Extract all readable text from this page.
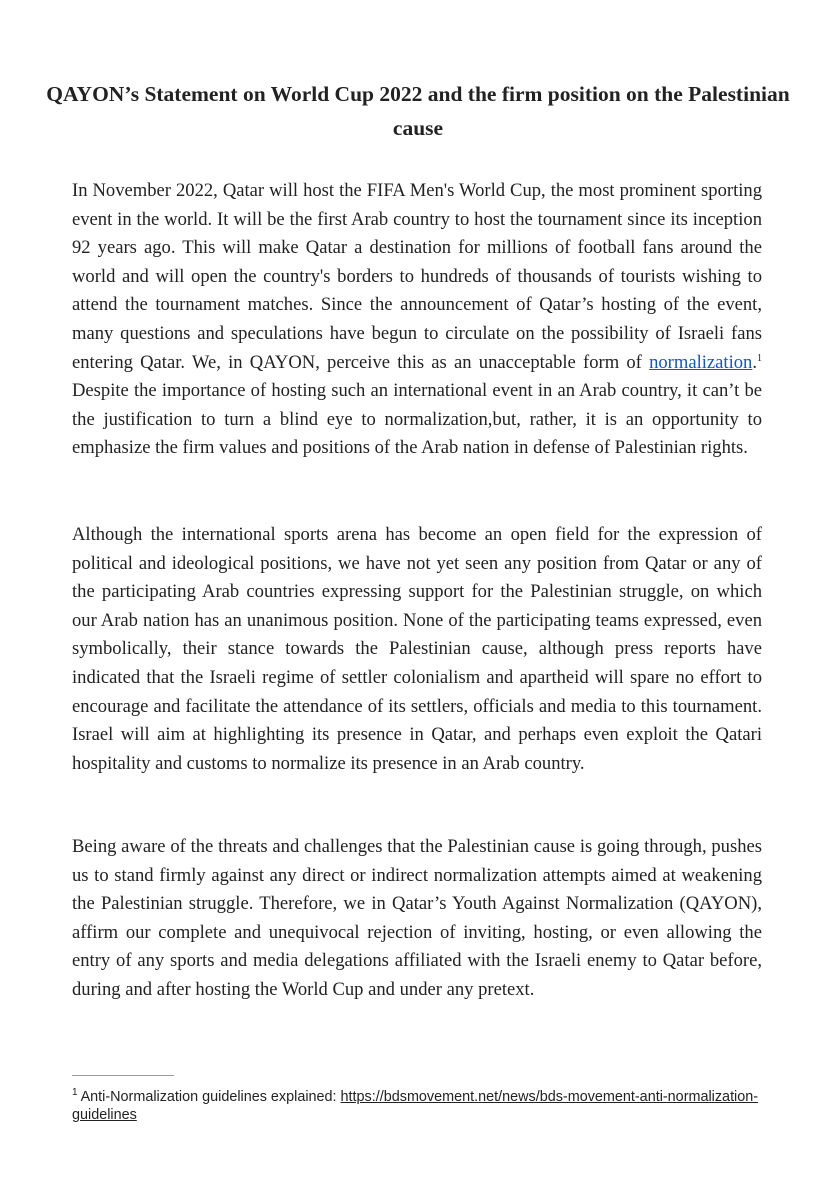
QAYON’s Statement on World Cup 2022 and the firm position on the Palestinian cause

In November 2022, Qatar will host the FIFA Men's World Cup, the most prominent sporting event in the world. It will be the first Arab country to host the tournament since its inception 92 years ago. This will make Qatar a destination for millions of football fans around the world and will open the country's borders to hundreds of thousands of tourists wishing to attend the tournament matches. Since the announcement of Qatar’s hosting of the event, many questions and speculations have begun to circulate on the possibility of Israeli fans entering Qatar. We, in QAYON, perceive this as an unacceptable form of normalization.$^1$ Despite the importance of hosting such an international event in an Arab country, it can’t be the justification to turn a blind eye to normalization,but, rather, it is an opportunity to emphasize the firm values and positions of the Arab nation in defense of Palestinian rights.

Although the international sports arena has become an open field for the expression of political and ideological positions, we have not yet seen any position from Qatar or any of the participating Arab countries expressing support for the Palestinian struggle, on which our Arab nation has an unanimous position. None of the participating teams expressed, even symbolically, their stance towards the Palestinian cause, although press reports have indicated that the Israeli regime of settler colonialism and apartheid will spare no effort to encourage and facilitate the attendance of its settlers, officials and media to this tournament. Israel will aim at highlighting its presence in Qatar, and perhaps even exploit the Qatari hospitality and customs to normalize its presence in an Arab country.

Being aware of the threats and challenges that the Palestinian cause is going through, pushes us to stand firmly against any direct or indirect normalization attempts aimed at weakening the Palestinian struggle. Therefore, we in Qatar’s Youth Against Normalization (QAYON), affirm our complete and unequivocal rejection of inviting, hosting, or even allowing the entry of any sports and media delegations affiliated with the Israeli enemy to Qatar before, during and after hosting the World Cup and under any pretext.

$^1$ Anti-Normalization guidelines explained: https://bdsmovement.net/news/bds-movement-anti-normalization-guidelines
